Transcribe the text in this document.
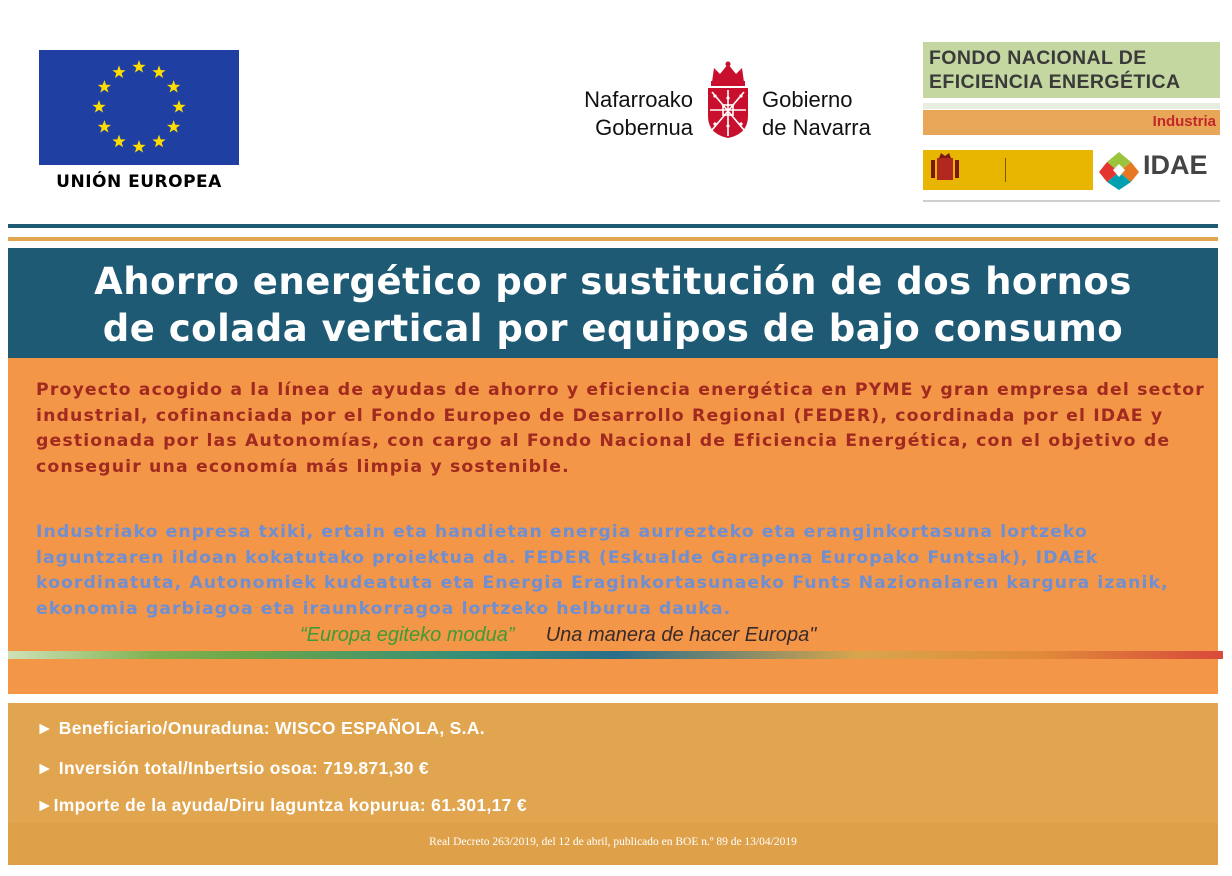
UNIÓN EUROPEA
Nafarroako
Gobernua
Gobierno
de Navarra
FONDO NACIONAL DE
EFICIENCIA ENERGÉTICA
Industria
IDAE
Ahorro energético por sustitución de dos hornos
de colada vertical por equipos de bajo consumo
Proyecto acogido a la línea de ayudas de ahorro y eficiencia energética en PYME y gran empresa del sector industrial, cofinanciada por el Fondo Europeo de Desarrollo Regional (FEDER), coordinada por el IDAE y gestionada por las Autonomías, con cargo al Fondo Nacional de Eficiencia Energética, con el objetivo de conseguir una economía más limpia y sostenible.
Industriako enpresa txiki, ertain eta handietan energia aurrezteko eta eranginkortasuna lortzeko laguntzaren ildoan kokatutako proiektua da. FEDER (Eskualde Garapena Europako Funtsak), IDAEk koordinatuta, Autonomiek kudeatuta eta Energia Eraginkortasunaeko Funts Nazionalaren kargura izanik, ekonomia garbiagoa eta iraunkorragoa lortzeko helburua dauka.
“Europa egiteko modua” Una manera de hacer Europa"
► Beneficiario/Onuraduna: WISCO ESPAÑOLA, S.A.
► Inversión total/Inbertsio osoa: 719.871,30 €
►Importe de la ayuda/Diru laguntza kopurua: 61.301,17 €
Real Decreto 263/2019, del 12 de abril, publicado en BOE n.º 89 de 13/04/2019
